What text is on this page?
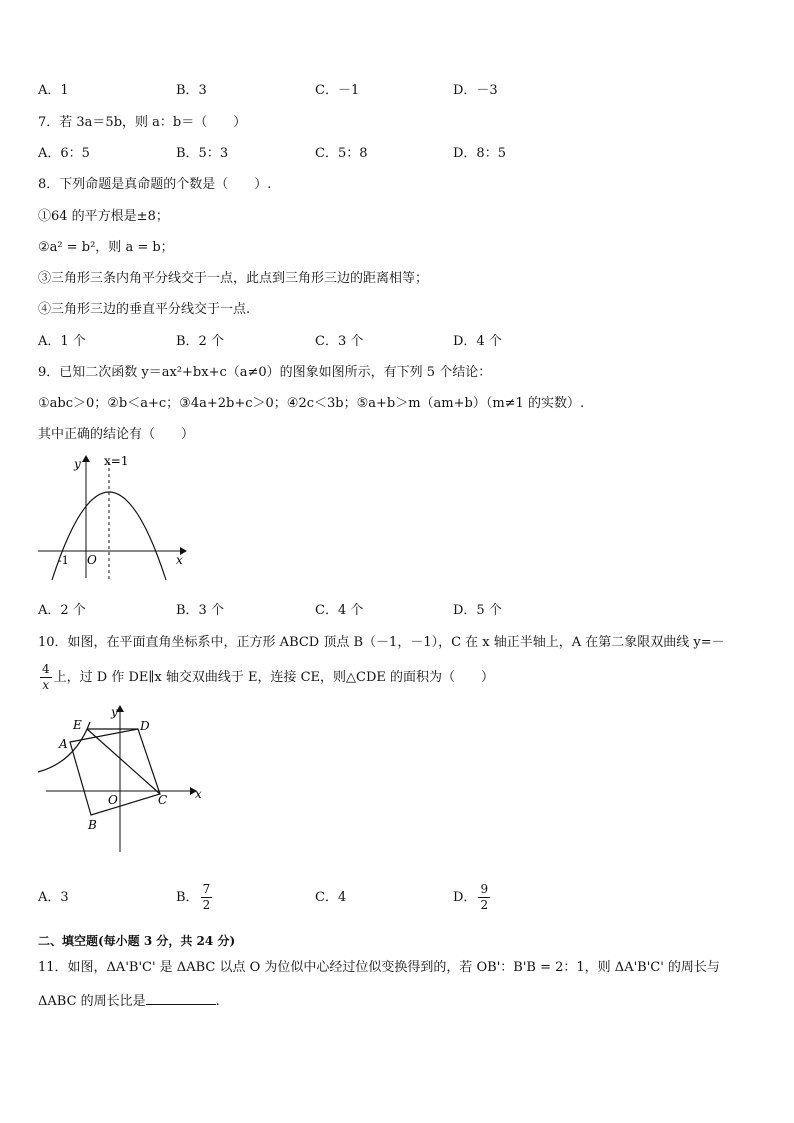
A．1	B．3	C．－1	D．－3
7．若 3a＝5b，则 a：b＝（　　）
A．6：5	B．5：3	C．5：8	D．8：5
8．下列命题是真命题的个数是（　　）.
①64 的平方根是±8；
②a² = b²，则 a = b；
③三角形三条内角平分线交于一点，此点到三角形三边的距离相等；
④三角形三边的垂直平分线交于一点.
A．1 个	B．2 个	C．3 个	D．4 个
9．已知二次函数 y＝ax²+bx+c（a≠0）的图象如图所示，有下列 5 个结论：
①abc＞0；②b＜a+c；③4a+2b+c＞0；④2c＜3b；⑤a+b＞m（am+b）（m≠1 的实数）.
其中正确的结论有（　　）
y x=1
x
O
-1
A．2 个	B．3 个	C．4 个	D．5 个
10．如图，在平面直角坐标系中，正方形 ABCD 顶点 B（－1，－1），C 在 x 轴正半轴上，A 在第二象限双曲线 y=－
$\frac{4}{x}$ 上，过 D 作 DE∥x 轴交双曲线于 E，连接 CE，则△CDE 的面积为（　　）
E
y
D
A
O	C x
B
A．3	B． $\frac{7}{2}$	C．4	D． $\frac{9}{2}$
二、填空题(每小题 3 分，共 24 分)
11．如图，ΔA'B'C' 是 ΔABC 以点 O 为位似中心经过位似变换得到的，若 OB'：B'B = 2：1，则 ΔA'B'C' 的周长与
ΔABC 的周长比是	.
